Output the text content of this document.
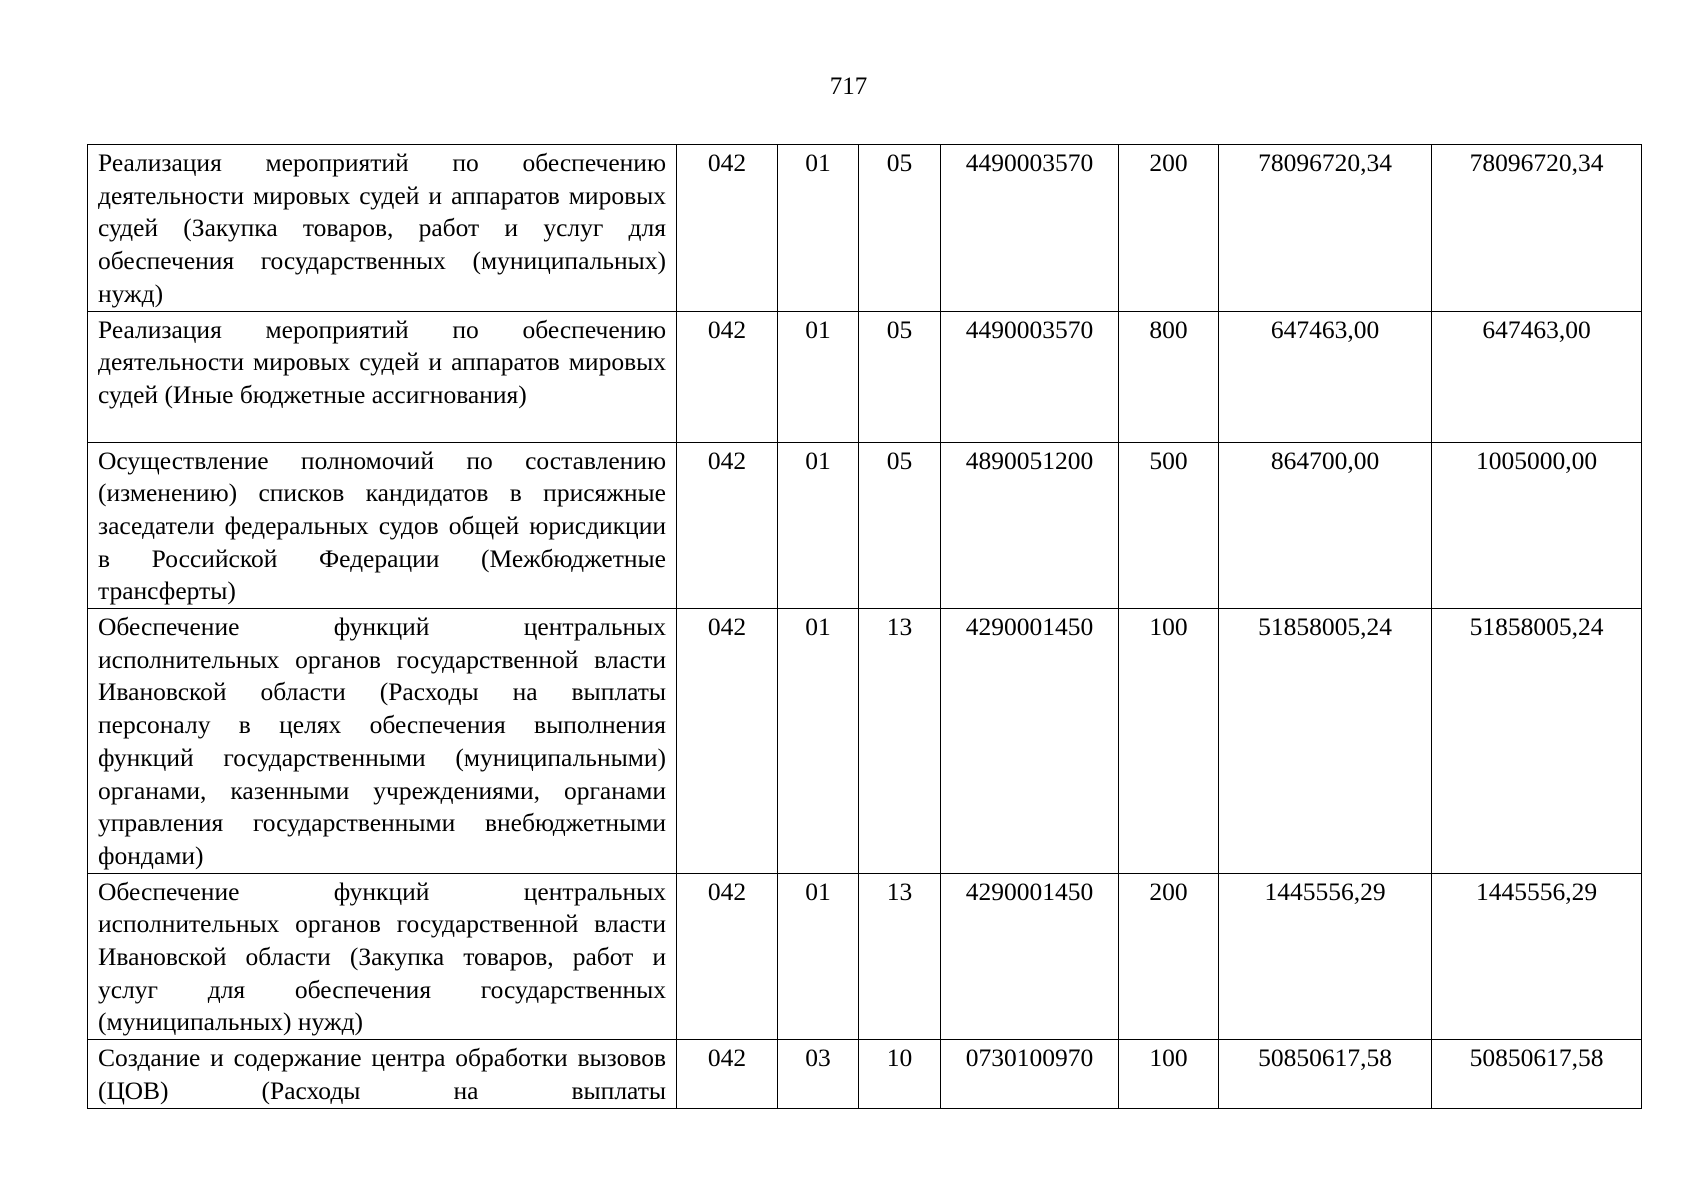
717
Реализация мероприятий по обеспечению деятельности мировых судей и аппаратов мировых судей (Закупка товаров, работ и услуг для обеспечения государственных (муниципальных) нужд)	042	01	05	4490003570	200	78096720,34	78096720,34
Реализация мероприятий по обеспечению деятельности мировых судей и аппаратов мировых судей (Иные бюджетные ассигнования)	042	01	05	4490003570	800	647463,00	647463,00
Осуществление полномочий по составлению (изменению) списков кандидатов в присяжные заседатели федеральных судов общей юрисдикции в Российской Федерации (Межбюджетные трансферты)	042	01	05	4890051200	500	864700,00	1005000,00
Обеспечение функций центральных исполнительных органов государственной власти Ивановской области (Расходы на выплаты персоналу в целях обеспечения выполнения функций государственными (муниципальными) органами, казенными учреждениями, органами управления государственными внебюджетными фондами)	042	01	13	4290001450	100	51858005,24	51858005,24
Обеспечение функций центральных исполнительных органов государственной власти Ивановской области (Закупка товаров, работ и услуг для обеспечения государственных (муниципальных) нужд)	042	01	13	4290001450	200	1445556,29	1445556,29
Создание и содержание центра обработки вызовов (ЦОВ) (Расходы на выплаты	042	03	10	0730100970	100	50850617,58	50850617,58
